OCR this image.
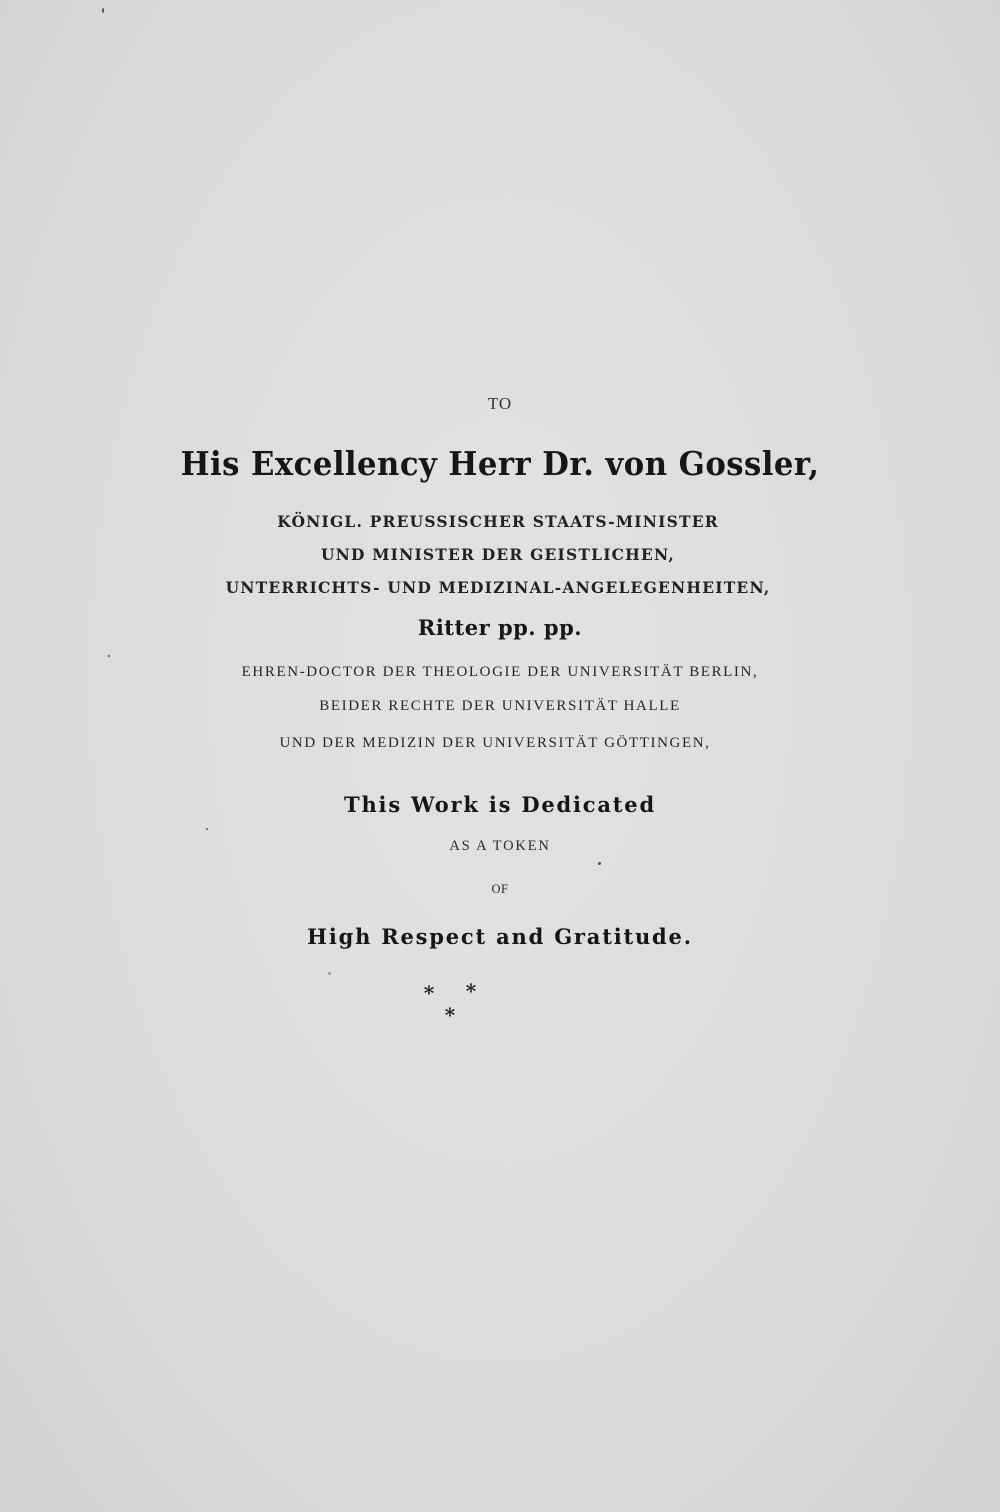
TO
His Excellency Herr Dr. von Gossler,
KÖNIGL. PREUSSISCHER STAATS-MINISTER
UND MINISTER DER GEISTLICHEN,
UNTERRICHTS- UND MEDIZINAL-ANGELEGENHEITEN,
Ritter pp. pp.
EHREN-DOCTOR DER THEOLOGIE DER UNIVERSITÄT BERLIN,
BEIDER RECHTE DER UNIVERSITÄT HALLE
UND DER MEDIZIN DER UNIVERSITÄT GÖTTINGEN,
This Work is Dedicated
AS A TOKEN
OF
High Respect and Gratitude.
* *
*
